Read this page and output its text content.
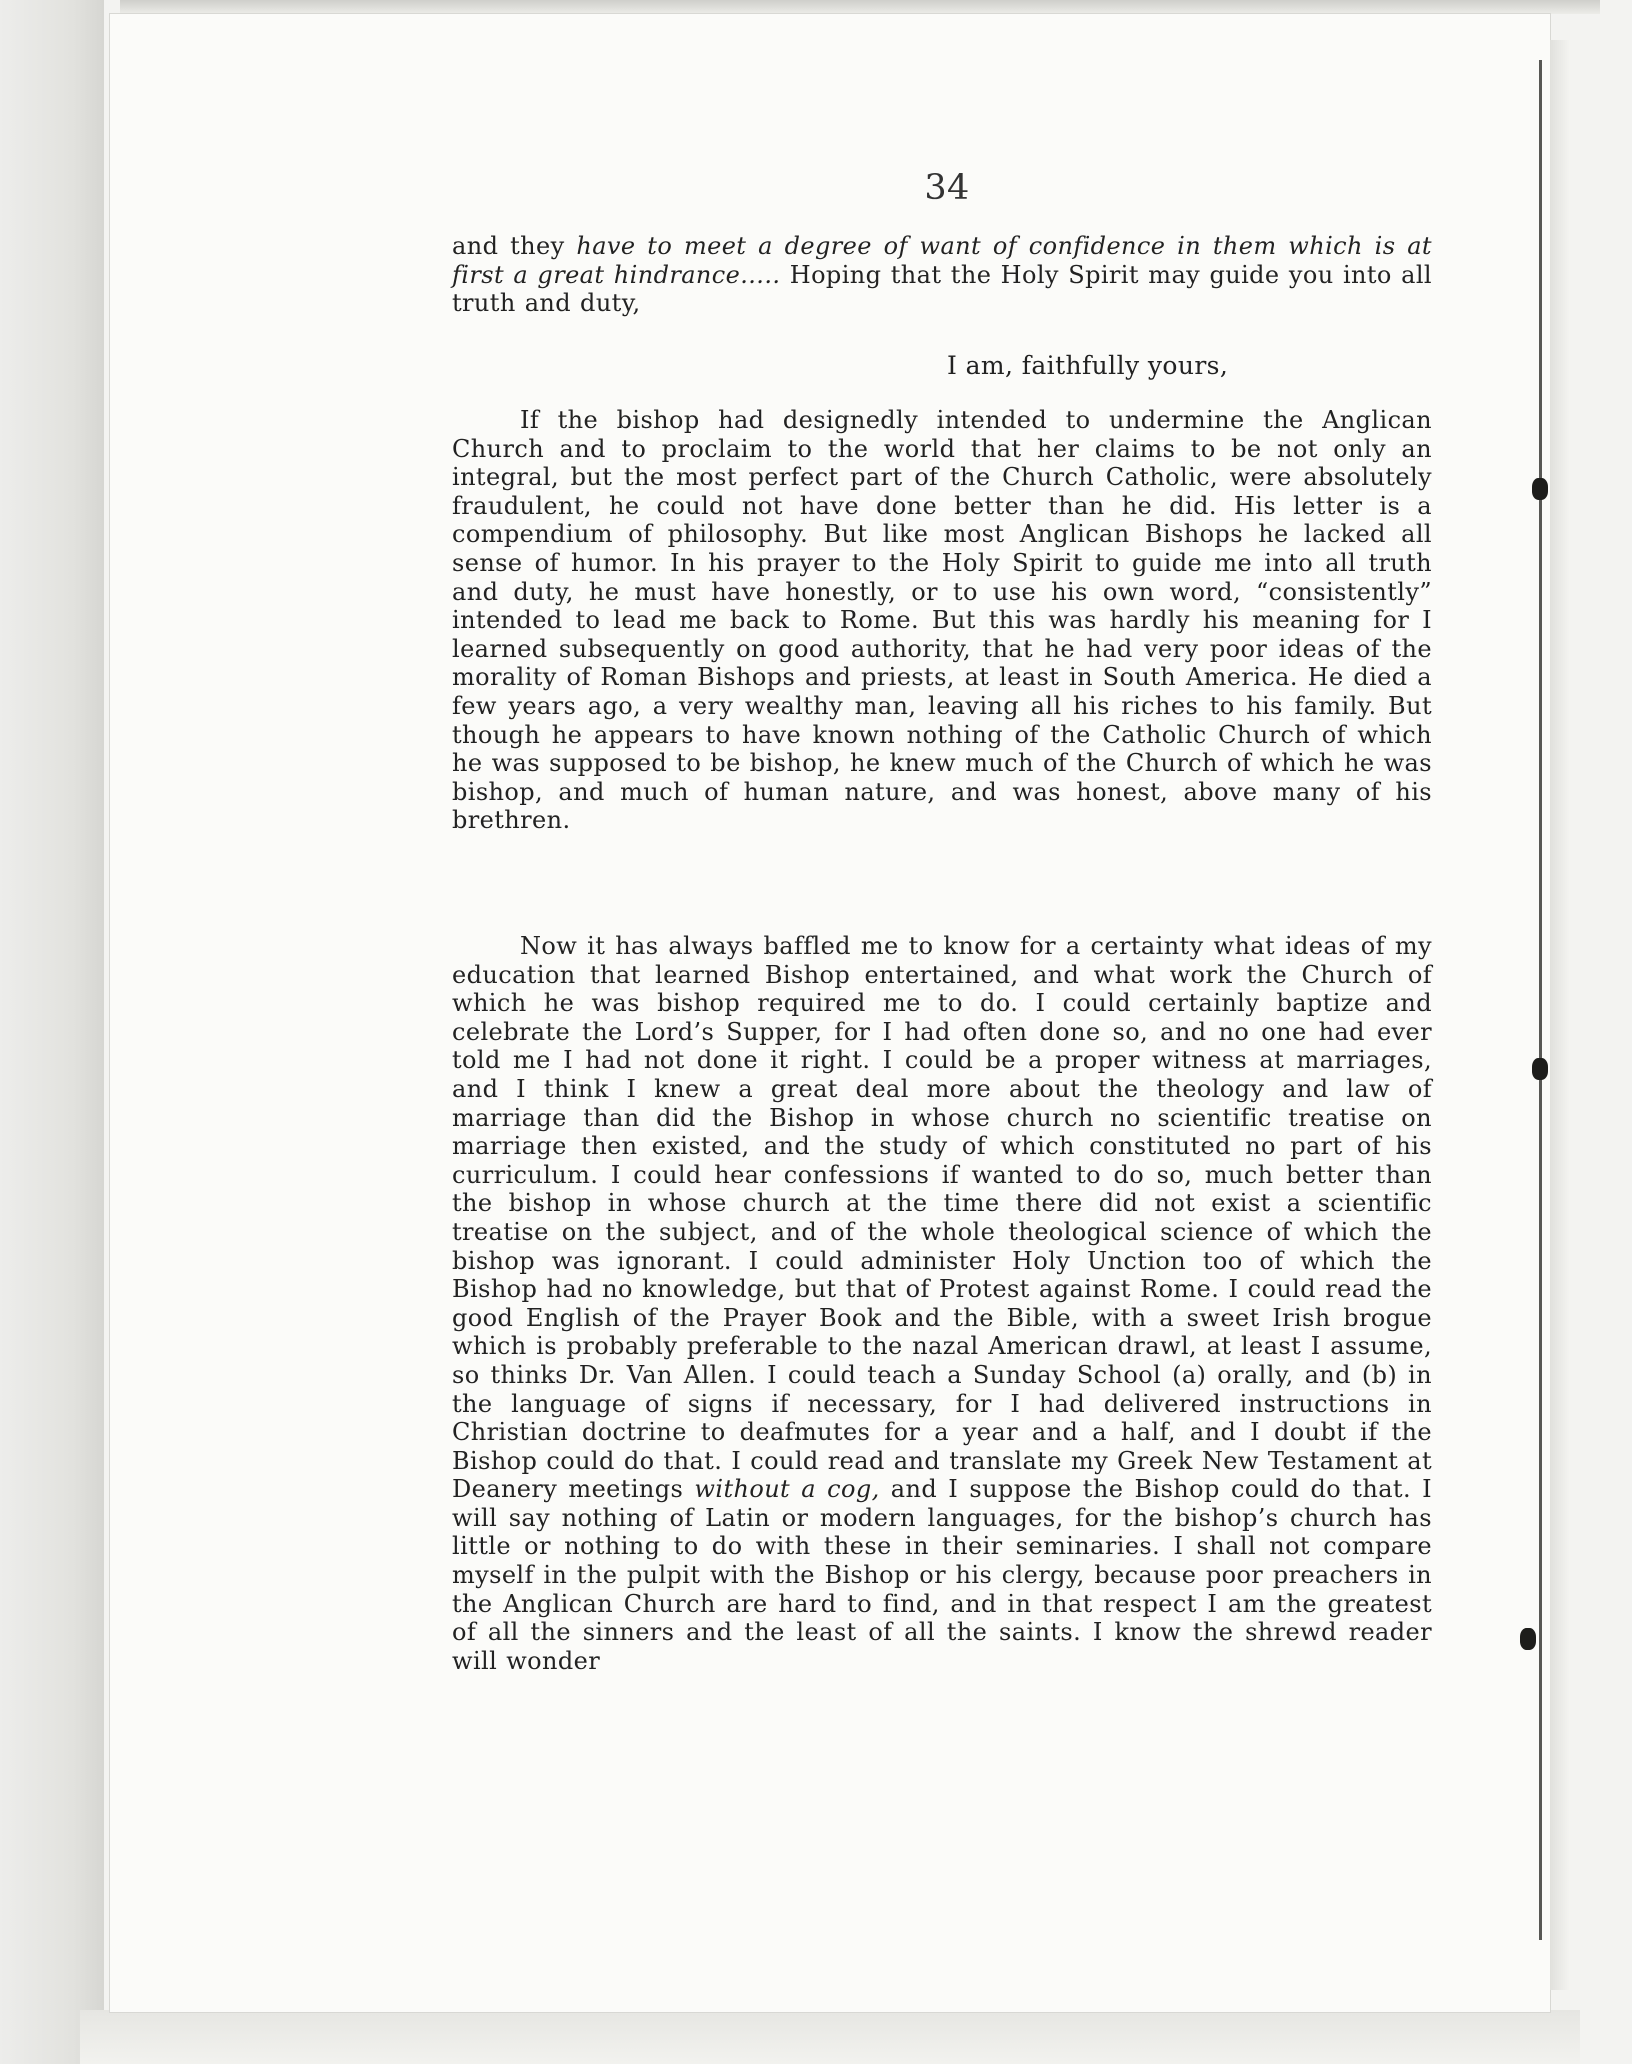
34
and they have to meet a degree of want of confidence in them which is at first a great hindrance..... Hoping that the Holy Spirit may guide you into all truth and duty,
I am, faithfully yours,
If the bishop had designedly intended to undermine the Anglican Church and to proclaim to the world that her claims to be not only an integral, but the most perfect part of the Church Catholic, were absolutely fraudulent, he could not have done better than he did. His letter is a compendium of philosophy. But like most Anglican Bishops he lacked all sense of humor. In his prayer to the Holy Spirit to guide me into all truth and duty, he must have honestly, or to use his own word, “consistently” intended to lead me back to Rome. But this was hardly his meaning for I learned subsequently on good authority, that he had very poor ideas of the morality of Roman Bishops and priests, at least in South America. He died a few years ago, a very wealthy man, leaving all his riches to his family. But though he appears to have known nothing of the Catholic Church of which he was supposed to be bishop, he knew much of the Church of which he was bishop, and much of human nature, and was honest, above many of his brethren.
Now it has always baffled me to know for a certainty what ideas of my education that learned Bishop entertained, and what work the Church of which he was bishop required me to do. I could certainly baptize and celebrate the Lord’s Supper, for I had often done so, and no one had ever told me I had not done it right. I could be a proper witness at marriages, and I think I knew a great deal more about the theology and law of marriage than did the Bishop in whose church no scientific treatise on marriage then existed, and the study of which constituted no part of his curriculum. I could hear confessions if wanted to do so, much better than the bishop in whose church at the time there did not exist a scientific treatise on the subject, and of the whole theological science of which the bishop was ignorant. I could administer Holy Unction too of which the Bishop had no knowledge, but that of Protest against Rome. I could read the good English of the Prayer Book and the Bible, with a sweet Irish brogue which is probably preferable to the nazal American drawl, at least I assume, so thinks Dr. Van Allen. I could teach a Sunday School (a) orally, and (b) in the language of signs if necessary, for I had delivered instructions in Christian doctrine to deafmutes for a year and a half, and I doubt if the Bishop could do that. I could read and translate my Greek New Testament at Deanery meetings without a cog, and I suppose the Bishop could do that. I will say nothing of Latin or modern languages, for the bishop’s church has little or nothing to do with these in their seminaries. I shall not compare myself in the pulpit with the Bishop or his clergy, because poor preachers in the Anglican Church are hard to find, and in that respect I am the greatest of all the sinners and the least of all the saints. I know the shrewd reader will wonder
